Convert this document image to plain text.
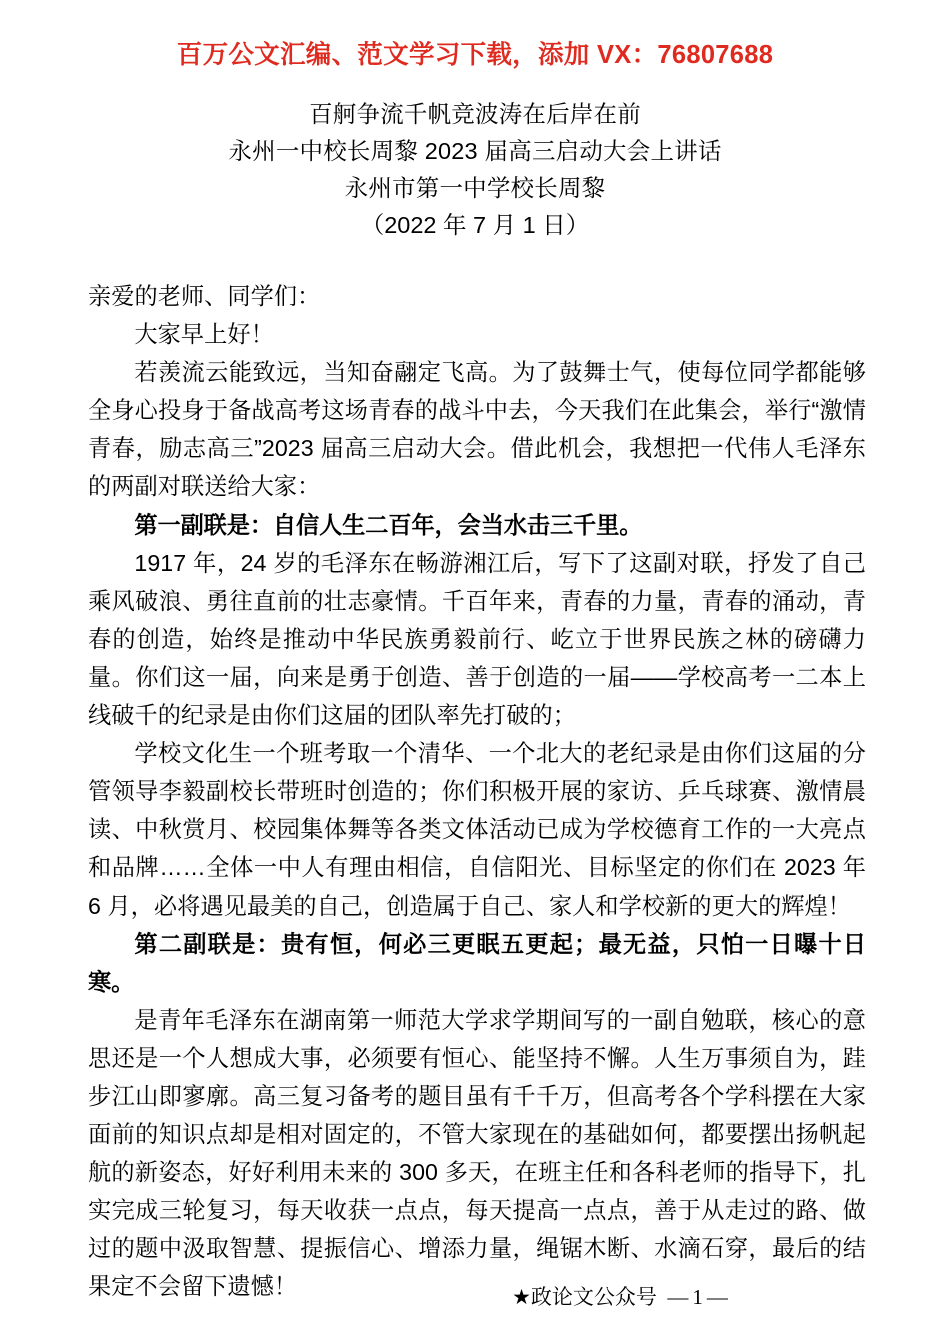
百万公文汇编、范文学习下载，添加 VX：76807688
百舸争流千帆竞波涛在后岸在前
永州一中校长周黎 2023 届高三启动大会上讲话
永州市第一中学校长周黎
（2022 年 7 月 1 日）

亲爱的老师、同学们：

大家早上好！

若羡流云能致远，当知奋翮定飞高。为了鼓舞士气，使每位同学都能够全身心投身于备战高考这场青春的战斗中去，今天我们在此集会，举行“激情青春，励志高三”2023 届高三启动大会。借此机会，我想把一代伟人毛泽东的两副对联送给大家：

第一副联是：自信人生二百年，会当水击三千里。

1917 年，24 岁的毛泽东在畅游湘江后，写下了这副对联，抒发了自己乘风破浪、勇往直前的壮志豪情。千百年来，青春的力量，青春的涌动，青春的创造，始终是推动中华民族勇毅前行、屹立于世界民族之林的磅礴力量。你们这一届，向来是勇于创造、善于创造的一届——学校高考一二本上线破千的纪录是由你们这届的团队率先打破的；

学校文化生一个班考取一个清华、一个北大的老纪录是由你们这届的分管领导李毅副校长带班时创造的；你们积极开展的家访、乒乓球赛、激情晨读、中秋赏月、校园集体舞等各类文体活动已成为学校德育工作的一大亮点和品牌……全体一中人有理由相信，自信阳光、目标坚定的你们在 2023 年 6 月，必将遇见最美的自己，创造属于自己、家人和学校新的更大的辉煌！

第二副联是：贵有恒，何必三更眠五更起；最无益，只怕一日曝十日寒。

是青年毛泽东在湖南第一师范大学求学期间写的一副自勉联，核心的意思还是一个人想成大事，必须要有恒心、能坚持不懈。人生万事须自为，跬步江山即寥廓。高三复习备考的题目虽有千千万，但高考各个学科摆在大家面前的知识点却是相对固定的，不管大家现在的基础如何，都要摆出扬帆起航的新姿态，好好利用未来的 300 多天，在班主任和各科老师的指导下，扎实完成三轮复习，每天收获一点点，每天提高一点点，善于从走过的路、做过的题中汲取智慧、提振信心、增添力量，绳锯木断、水滴石穿，最后的结果定不会留下遗憾！	★政论文公众号 — 1 —
